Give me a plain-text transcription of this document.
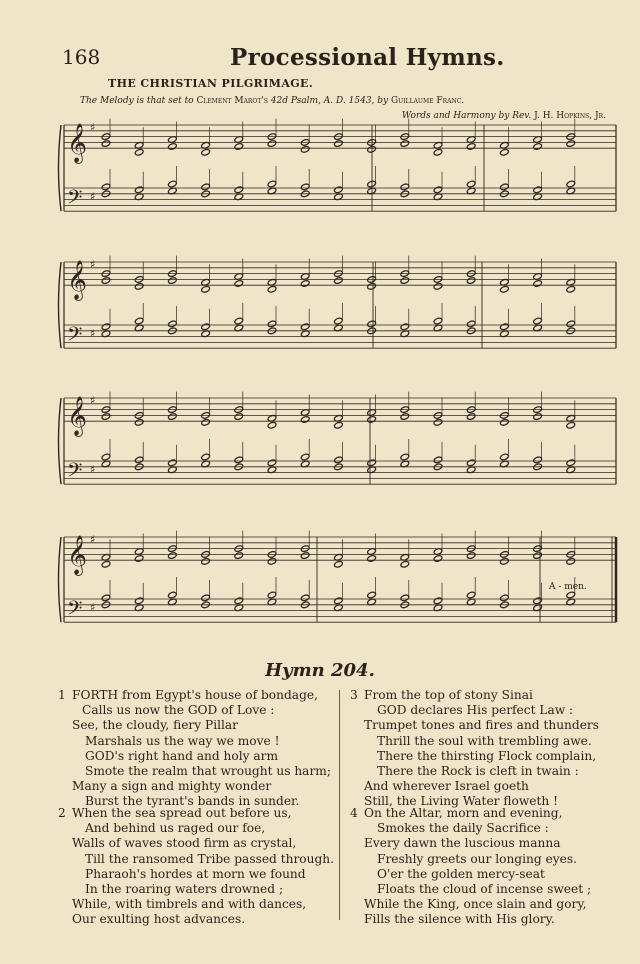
168	Processional Hymns.
THE CHRISTIAN PILGRIMAGE.
The Melody is that set to Clement Marot's 42d Psalm, A. D. 1543, by Guillaume Franc.
Words and Harmony by Rev. J. H. Hopkins, Jr.
𝄞 ♯
𝄢 ♯
𝄞 ♯
𝄢 ♯
𝄞 ♯
𝄢 ♯
𝄞 ♯
𝄢 ♯
A - men.
Hymn 204.
1 FORTH from Egypt's house of bondage,
Calls us now the GOD of Love :
See, the cloudy, fiery Pillar
Marshals us the way we move !
GOD's right hand and holy arm
Smote the realm that wrought us harm;
Many a sign and mighty wonder
Burst the tyrant's bands in sunder.
2 When the sea spread out before us,
And behind us raged our foe,
Walls of waves stood firm as crystal,
Till the ransomed Tribe passed through.
Pharaoh's hordes at morn we found
In the roaring waters drowned ;
While, with timbrels and with dances,
Our exulting host advances.
3 From the top of stony Sinai
GOD declares His perfect Law :
Trumpet tones and fires and thunders
Thrill the soul with trembling awe.
There the thirsting Flock complain,
There the Rock is cleft in twain :
And wherever Israel goeth
Still, the Living Water floweth !
4 On the Altar, morn and evening,
Smokes the daily Sacrifice :
Every dawn the luscious manna
Freshly greets our longing eyes.
O'er the golden mercy-seat
Floats the cloud of incense sweet ;
While the King, once slain and gory,
Fills the silence with His glory.
